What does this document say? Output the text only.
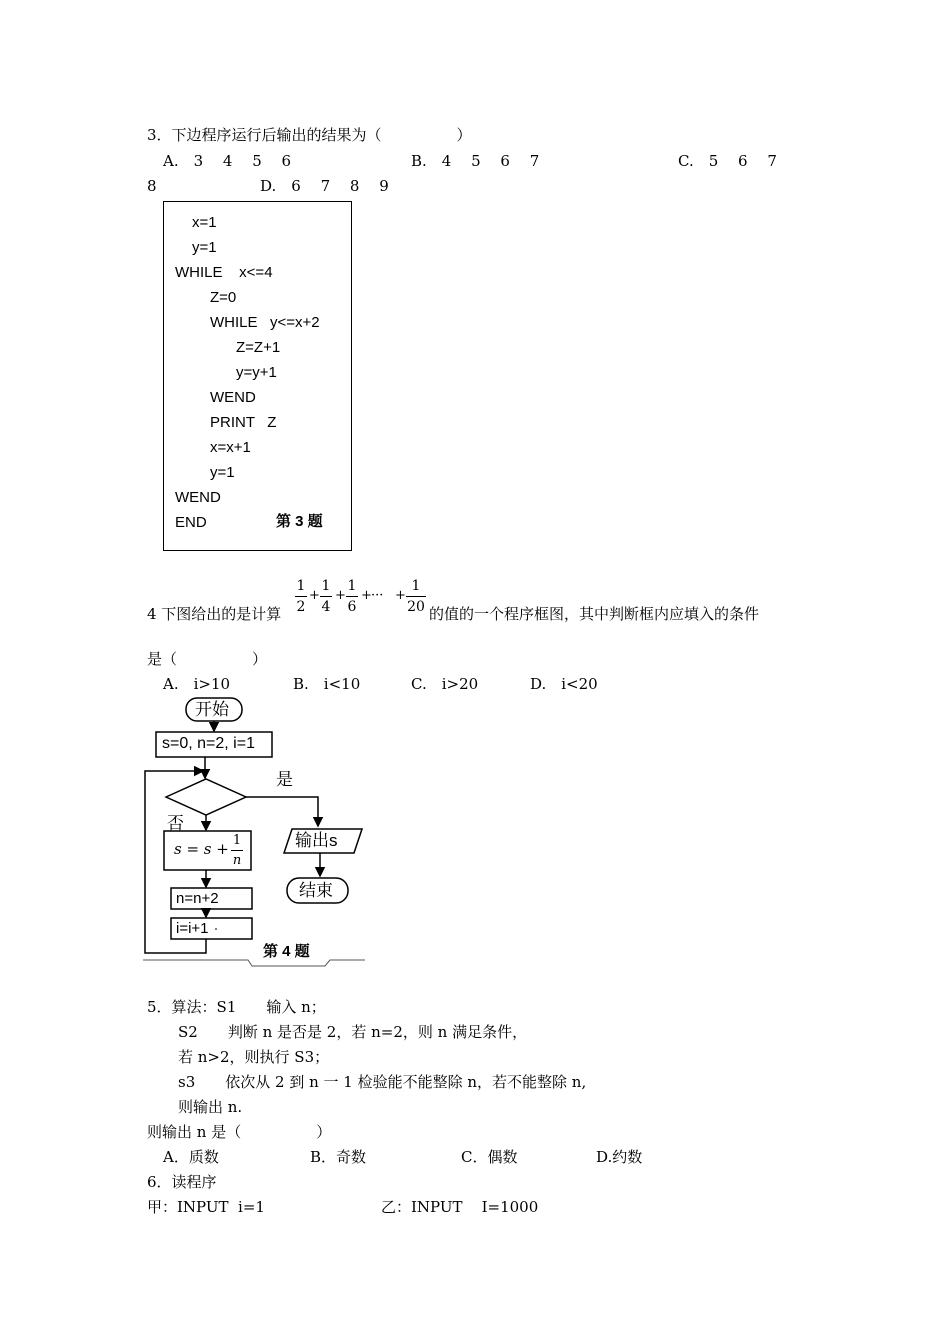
3．下边程序运行后输出的结果为（　　　　　）
A.　3　 4　 5　 6	B.　4　 5　 6　 7	C.　5　 6　 7
8	D.　6　 7　 8　 9
x=1
y=1
WHILE    x<=4
Z=0
WHILE   y<=x+2
Z=Z+1
y=y+1
WEND
PRINT   Z
x=x+1
y=1
WEND
END	第 3 题
4 下图给出的是计算 $\frac{1}{2} + \frac{1}{4} + \frac{1}{6}$ + ··· + $\frac{1}{20}$ 的值的一个程序框图，其中判断框内应填入的条件
是（　　　　　）
A.　i>10	B.　i<10	C.　i>20	D.　i<20
开始
s=0, n=2, i=1
是
否
$s = s + \frac{1}{n}$	输出s
结束
n=n+2
i=i+1
第 4 题
5．算法：S1　　输入 n；
S2　　判断 n 是否是 2，若 n=2，则 n 满足条件，
若 n>2，则执行 S3；
s3　　依次从 2 到 n 一 1 检验能不能整除 n，若不能整除 n,
则输出 n.
则输出 n 是（　　　　　）
A．质数	B．奇数	C．偶数	D.约数
6．读程序
甲：INPUT  i=1	乙：INPUT    I=1000
